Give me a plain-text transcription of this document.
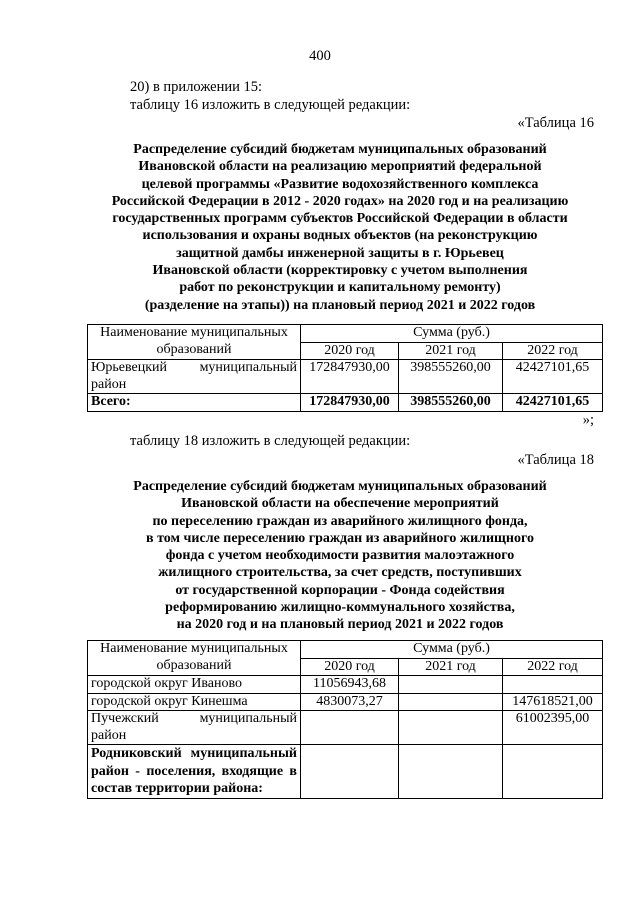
400
20) в приложении 15:
таблицу 16 изложить в следующей редакции:
«Таблица 16
Распределение субсидий бюджетам муниципальных образований
Ивановской области на реализацию мероприятий федеральной
целевой программы «Развитие водохозяйственного комплекса
Российской Федерации в 2012 - 2020 годах» на 2020 год и на реализацию
государственных программ субъектов Российской Федерации в области
использования и охраны водных объектов (на реконструкцию
защитной дамбы инженерной защиты в г. Юрьевец
Ивановской области (корректировку с учетом выполнения
работ по реконструкции и капитальному ремонту)
(разделение на этапы)) на плановый период 2021 и 2022 годов
Наименование муниципальных образований	Сумма (руб.)		
	2020 год	2021 год	2022 год
Юрьевецкий муниципальный район	172847930,00	398555260,00	42427101,65
Всего:	172847930,00	398555260,00	42427101,65
»;
таблицу 18 изложить в следующей редакции:
«Таблица 18
Распределение субсидий бюджетам муниципальных образований
Ивановской области на обеспечение мероприятий
по переселению граждан из аварийного жилищного фонда,
в том числе переселению граждан из аварийного жилищного
фонда с учетом необходимости развития малоэтажного
жилищного строительства, за счет средств, поступивших
от государственной корпорации - Фонда содействия
реформированию жилищно-коммунального хозяйства,
на 2020 год и на плановый период 2021 и 2022 годов
Наименование муниципальных образований	Сумма (руб.)		
	2020 год	2021 год	2022 год
городской округ Иваново	11056943,68		
городской округ Кинешма	4830073,27		147618521,00
Пучежский муниципальный район			61002395,00
Родниковский муниципальный район - поселения, входящие в состав территории района:			
